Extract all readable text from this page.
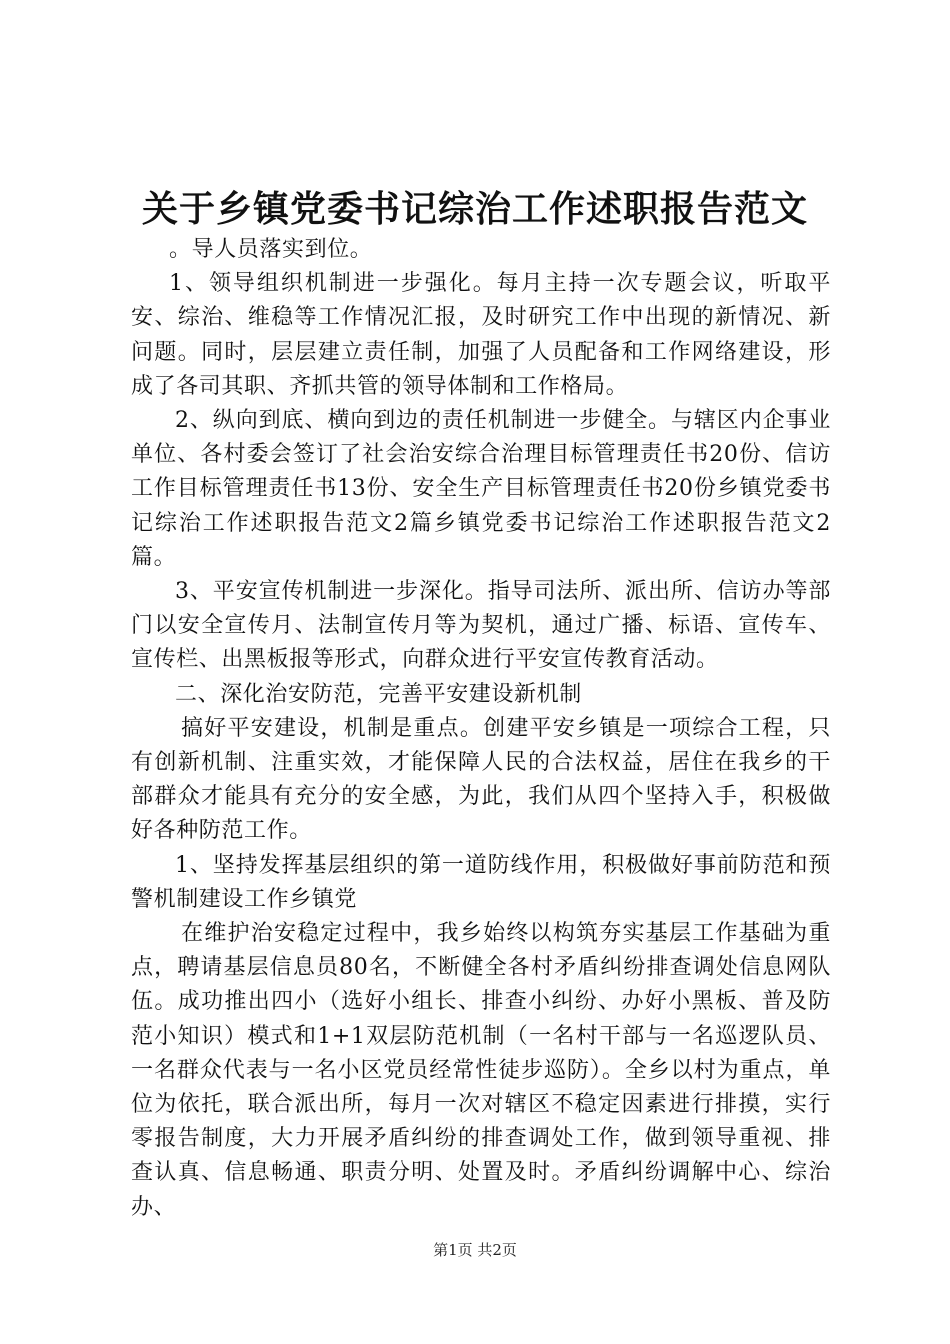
关于乡镇党委书记综治工作述职报告范文

。导人员落实到位。

1、领导组织机制进一步强化。每月主持一次专题会议，听取平安、综治、维稳等工作情况汇报，及时研究工作中出现的新情况、新问题。同时，层层建立责任制，加强了人员配备和工作网络建设，形成了各司其职、齐抓共管的领导体制和工作格局。

2、纵向到底、横向到边的责任机制进一步健全。与辖区内企事业单位、各村委会签订了社会治安综合治理目标管理责任书20份、信访工作目标管理责任书13份、安全生产目标管理责任书20份乡镇党委书记综治工作述职报告范文2篇乡镇党委书记综治工作述职报告范文2篇。

3、平安宣传机制进一步深化。指导司法所、派出所、信访办等部门以安全宣传月、法制宣传月等为契机，通过广播、标语、宣传车、宣传栏、出黑板报等形式，向群众进行平安宣传教育活动。

二、深化治安防范，完善平安建设新机制

搞好平安建设，机制是重点。创建平安乡镇是一项综合工程，只有创新机制、注重实效，才能保障人民的合法权益，居住在我乡的干部群众才能具有充分的安全感，为此，我们从四个坚持入手，积极做好各种防范工作。

1、坚持发挥基层组织的第一道防线作用，积极做好事前防范和预警机制建设工作乡镇党

在维护治安稳定过程中，我乡始终以构筑夯实基层工作基础为重点，聘请基层信息员80名，不断健全各村矛盾纠纷排查调处信息网队伍。成功推出四小（选好小组长、排查小纠纷、办好小黑板、普及防范小知识）模式和1+1双层防范机制（一名村干部与一名巡逻队员、一名群众代表与一名小区党员经常性徒步巡防）。全乡以村为重点，单位为依托，联合派出所，每月一次对辖区不稳定因素进行排摸，实行零报告制度，大力开展矛盾纠纷的排查调处工作，做到领导重视、排查认真、信息畅通、职责分明、处置及时。矛盾纠纷调解中心、综治办、

第1页 共2页
